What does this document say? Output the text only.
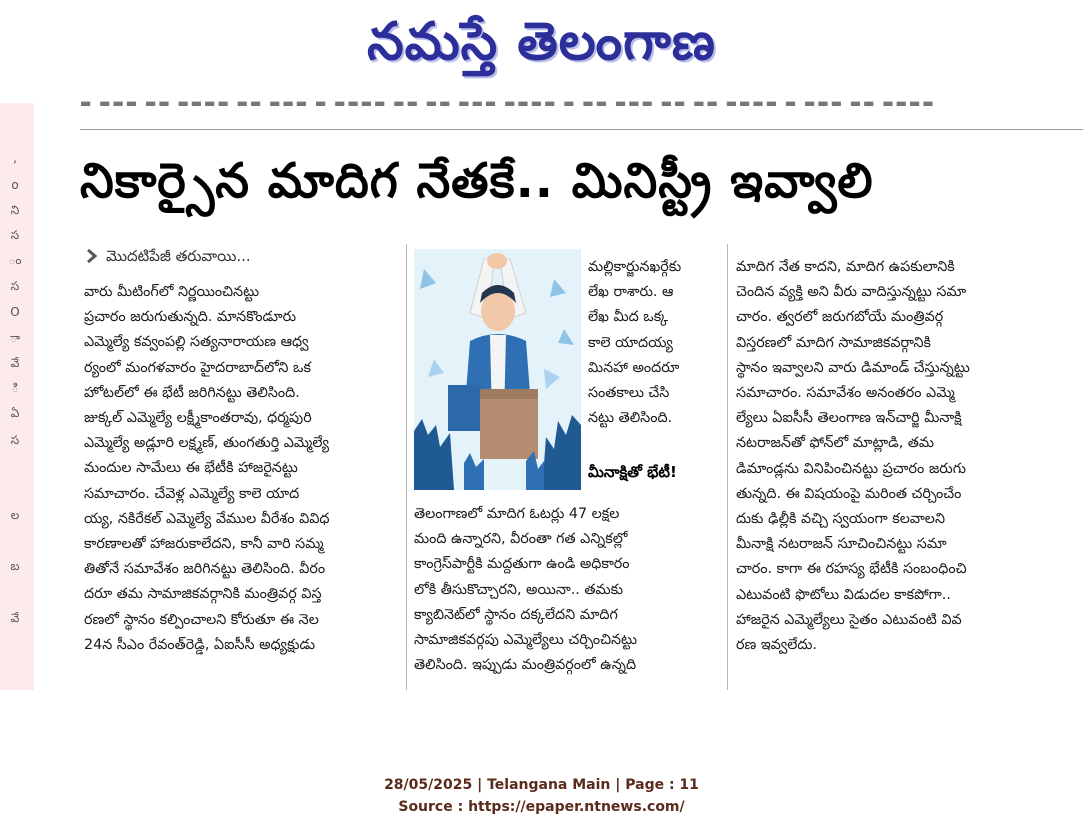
నమస్తే తెలంగాణ
▬ ▬▬▬ ▬▬ ▬▬▬▬ ▬▬ ▬▬▬ ▬ ▬▬▬▬ ▬▬ ▬▬ ▬▬▬ ▬▬▬▬ ▬ ▬▬ ▬▬▬ ▬▬ ▬▬ ▬▬▬▬ ▬ ▬▬▬ ▬▬ ▬▬▬▬
,
o
ని
స
ం
స
O
ా
వే
ి
ఏ
స
ల
బ
వే
నికార్సైన మాదిగ నేతకే.. మినిస్ట్రీ ఇవ్వాలి
మొదటిపేజీ తరువాయి...

వారు మీటింగ్‌లో నిర్ణయించినట్టు

ప్రచారం జరుగుతున్నది. మానకొండూరు

ఎమ్మెల్యే కవ్వంపల్లి సత్యనారాయణ ఆధ్వ

ర్యంలో మంగళవారం హైదరాబాద్‌లోని ఒక

హోటల్‌లో ఈ భేటీ జరిగినట్టు తెలిసింది.

జుక్కల్ ఎమ్మెల్యే లక్ష్మీకాంతరావు, ధర్మపురి

ఎమ్మెల్యే అడ్లూరి లక్ష్మణ్, తుంగతుర్తి ఎమ్మెల్యే

మందుల సామేలు ఈ భేటీకి హాజరైనట్టు

సమాచారం. చేవెళ్ల ఎమ్మెల్యే కాలె యాద

య్య, నకిరేకల్ ఎమ్మెల్యే వేముల వీరేశం వివిధ

కారణాలతో హాజరుకాలేదని, కానీ వారి సమ్మ

తితోనే సమావేశం జరిగినట్టు తెలిసింది. వీరం

దరూ తమ సామాజికవర్గానికి మంత్రివర్గ విస్త

రణలో స్థానం కల్పించాలని కోరుతూ ఈ నెల

24న సీఎం రేవంత్‌రెడ్డి, ఏఐసీసీ అధ్యక్షుడు

మల్లికార్జునఖర్గేకు

లేఖ రాశారు. ఆ

లేఖ మీద ఒక్క

కాలె యాదయ్య

మినహా అందరూ

సంతకాలు చేసి

నట్టు తెలిసింది.

మీనాక్షితో భేటీ!

తెలంగాణలో మాదిగ ఓటర్లు 47 లక్షల

మంది ఉన్నారని, వీరంతా గత ఎన్నికల్లో

కాంగ్రెస్‌పార్టీకి మద్దతుగా ఉండి అధికారం

లోకి తీసుకొచ్చారని, అయినా.. తమకు

క్యాబినెట్‌లో స్థానం దక్కలేదని మాదిగ

సామాజికవర్గపు ఎమ్మెల్యేలు చర్చించినట్టు

తెలిసింది. ఇప్పుడు మంత్రివర్గంలో ఉన్నది

మాదిగ నేత కాదని, మాదిగ ఉపకులానికి

చెందిన వ్యక్తి అని వీరు వాదిస్తున్నట్టు సమా

చారం. త్వరలో జరుగబోయే మంత్రివర్గ

విస్తరణలో మాదిగ సామాజికవర్గానికి

స్థానం ఇవ్వాలని వారు డిమాండ్ చేస్తున్నట్టు

సమాచారం. సమావేశం అనంతరం ఎమ్మె

ల్యేలు ఏఐసీసీ తెలంగాణ ఇన్‌చార్జి మీనాక్షి

నటరాజన్‌తో ఫోన్‌లో మాట్లాడి, తమ

డిమాండ్లను వినిపించినట్టు ప్రచారం జరుగు

తున్నది. ఈ విషయంపై మరింత చర్చించేం

దుకు ఢిల్లీకి వచ్చి స్వయంగా కలవాలని

మీనాక్షి నటరాజన్ సూచించినట్టు సమా

చారం. కాగా ఈ రహస్య భేటీకి సంబంధించి

ఎటువంటి ఫొటోలు విడుదల కాకపోగా..

హాజరైన ఎమ్మెల్యేలు సైతం ఎటువంటి వివ

రణ ఇవ్వలేదు.

28/05/2025 | Telangana Main | Page : 11
Source : https://epaper.ntnews.com/
